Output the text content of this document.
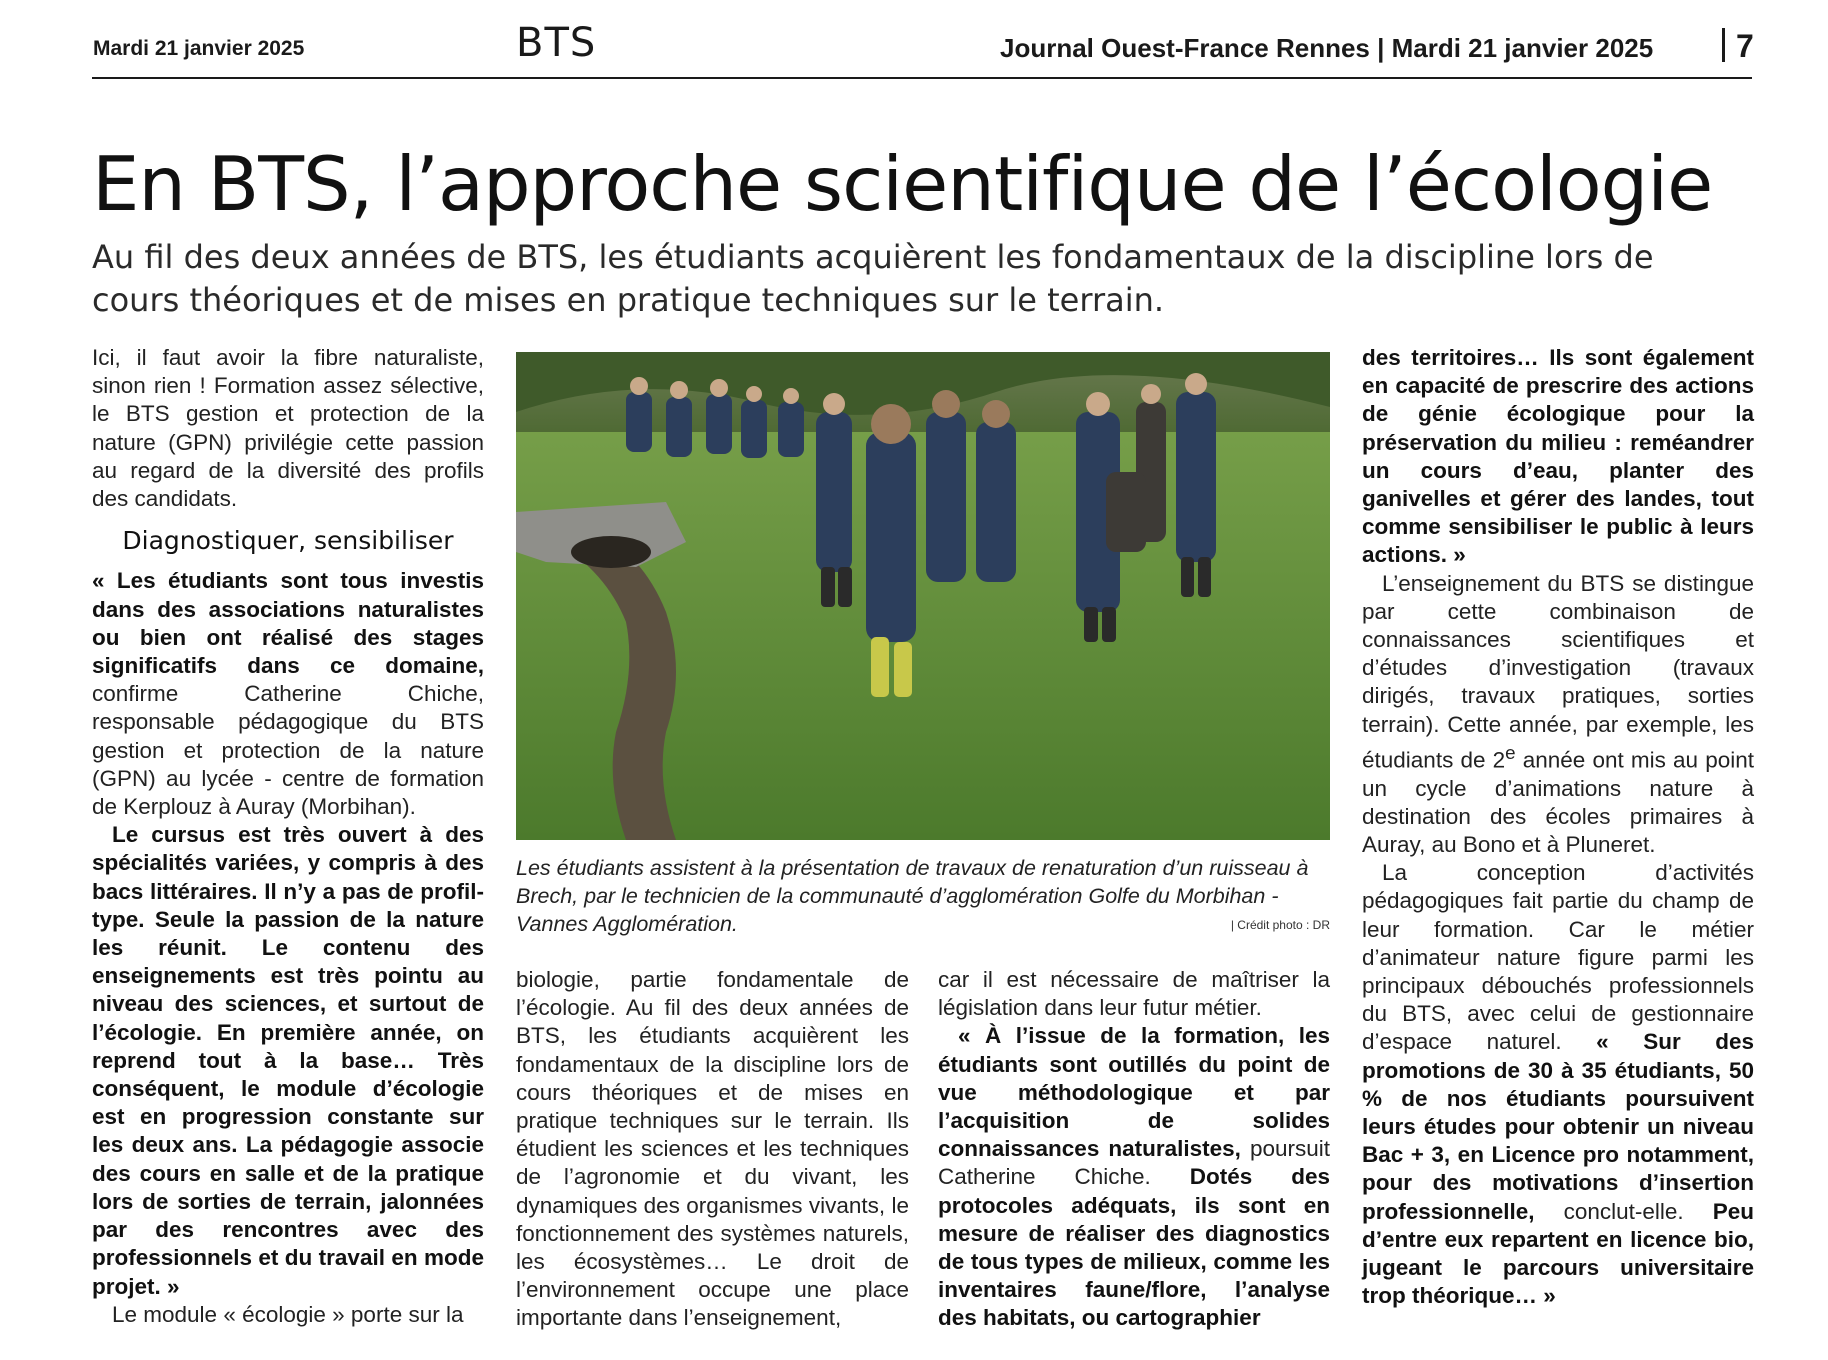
Mardi 21 janvier 2025	BTS	Journal Ouest-France Rennes | Mardi 21 janvier 2025	7
En BTS, l’approche scientifique de l’écologie
Au fil des deux années de BTS, les étudiants acquièrent les fondamentaux de la discipline lors de cours théoriques et de mises en pratique techniques sur le terrain.

Ici, il faut avoir la fibre naturaliste, sinon rien ! Formation assez sélective, le BTS gestion et protection de la nature (GPN) privilégie cette passion au regard de la diversité des profils des candidats.

Diagnostiquer, sensibiliser

« Les étudiants sont tous investis dans des associations naturalistes ou bien ont réalisé des stages significatifs dans ce domaine, confirme Catherine Chiche, responsable pédagogique du BTS gestion et protection de la nature (GPN) au lycée - centre de formation de Kerplouz à Auray (Morbihan).

Le cursus est très ouvert à des spécialités variées, y compris à des bacs littéraires. Il n’y a pas de profil-type. Seule la passion de la nature les réunit. Le contenu des enseignements est très pointu au niveau des sciences, et surtout de l’écologie. En première année, on reprend tout à la base… Très conséquent, le module d’écologie est en progression constante sur les deux ans. La pédagogie associe des cours en salle et de la pratique lors de sorties de terrain, jalonnées par des rencontres avec des professionnels et du travail en mode projet. »

Le module « écologie » porte sur la

Les étudiants assistent à la présentation de travaux de renaturation d’un ruisseau à Brech, par le technicien de la communauté d’agglomération Golfe du Morbihan - Vannes Agglomération.	| Crédit photo : DR

biologie, partie fondamentale de l’écologie. Au fil des deux années de BTS, les étudiants acquièrent les fondamentaux de la discipline lors de cours théoriques et de mises en pratique techniques sur le terrain. Ils étudient les sciences et les techniques de l’agronomie et du vivant, les dynamiques des organismes vivants, le fonctionnement des systèmes naturels, les écosystèmes… Le droit de l’environnement occupe une place importante dans l’enseignement,

car il est nécessaire de maîtriser la législation dans leur futur métier.

« À l’issue de la formation, les étudiants sont outillés du point de vue méthodologique et par l’acquisition de solides connaissances naturalistes, poursuit Catherine Chiche. Dotés des protocoles adéquats, ils sont en mesure de réaliser des diagnostics de tous types de milieux, comme les inventaires faune/flore, l’analyse des habitats, ou cartographier

des territoires… Ils sont également en capacité de prescrire des actions de génie écologique pour la préservation du milieu : reméandrer un cours d’eau, planter des ganivelles et gérer des landes, tout comme sensibiliser le public à leurs actions. »

L’enseignement du BTS se distingue par cette combinaison de connaissances scientifiques et d’études d’investigation (travaux dirigés, travaux pratiques, sorties terrain). Cette année, par exemple, les étudiants de 2e année ont mis au point un cycle d’animations nature à destination des écoles primaires à Auray, au Bono et à Pluneret.

La conception d’activités pédagogiques fait partie du champ de leur formation. Car le métier d’animateur nature figure parmi les principaux débouchés professionnels du BTS, avec celui de gestionnaire d’espace naturel. « Sur des promotions de 30 à 35 étudiants, 50 % de nos étudiants poursuivent leurs études pour obtenir un niveau Bac + 3, en Licence pro notamment, pour des motivations d’insertion professionnelle, conclut-elle. Peu d’entre eux repartent en licence bio, jugeant le parcours universitaire trop théorique… »
